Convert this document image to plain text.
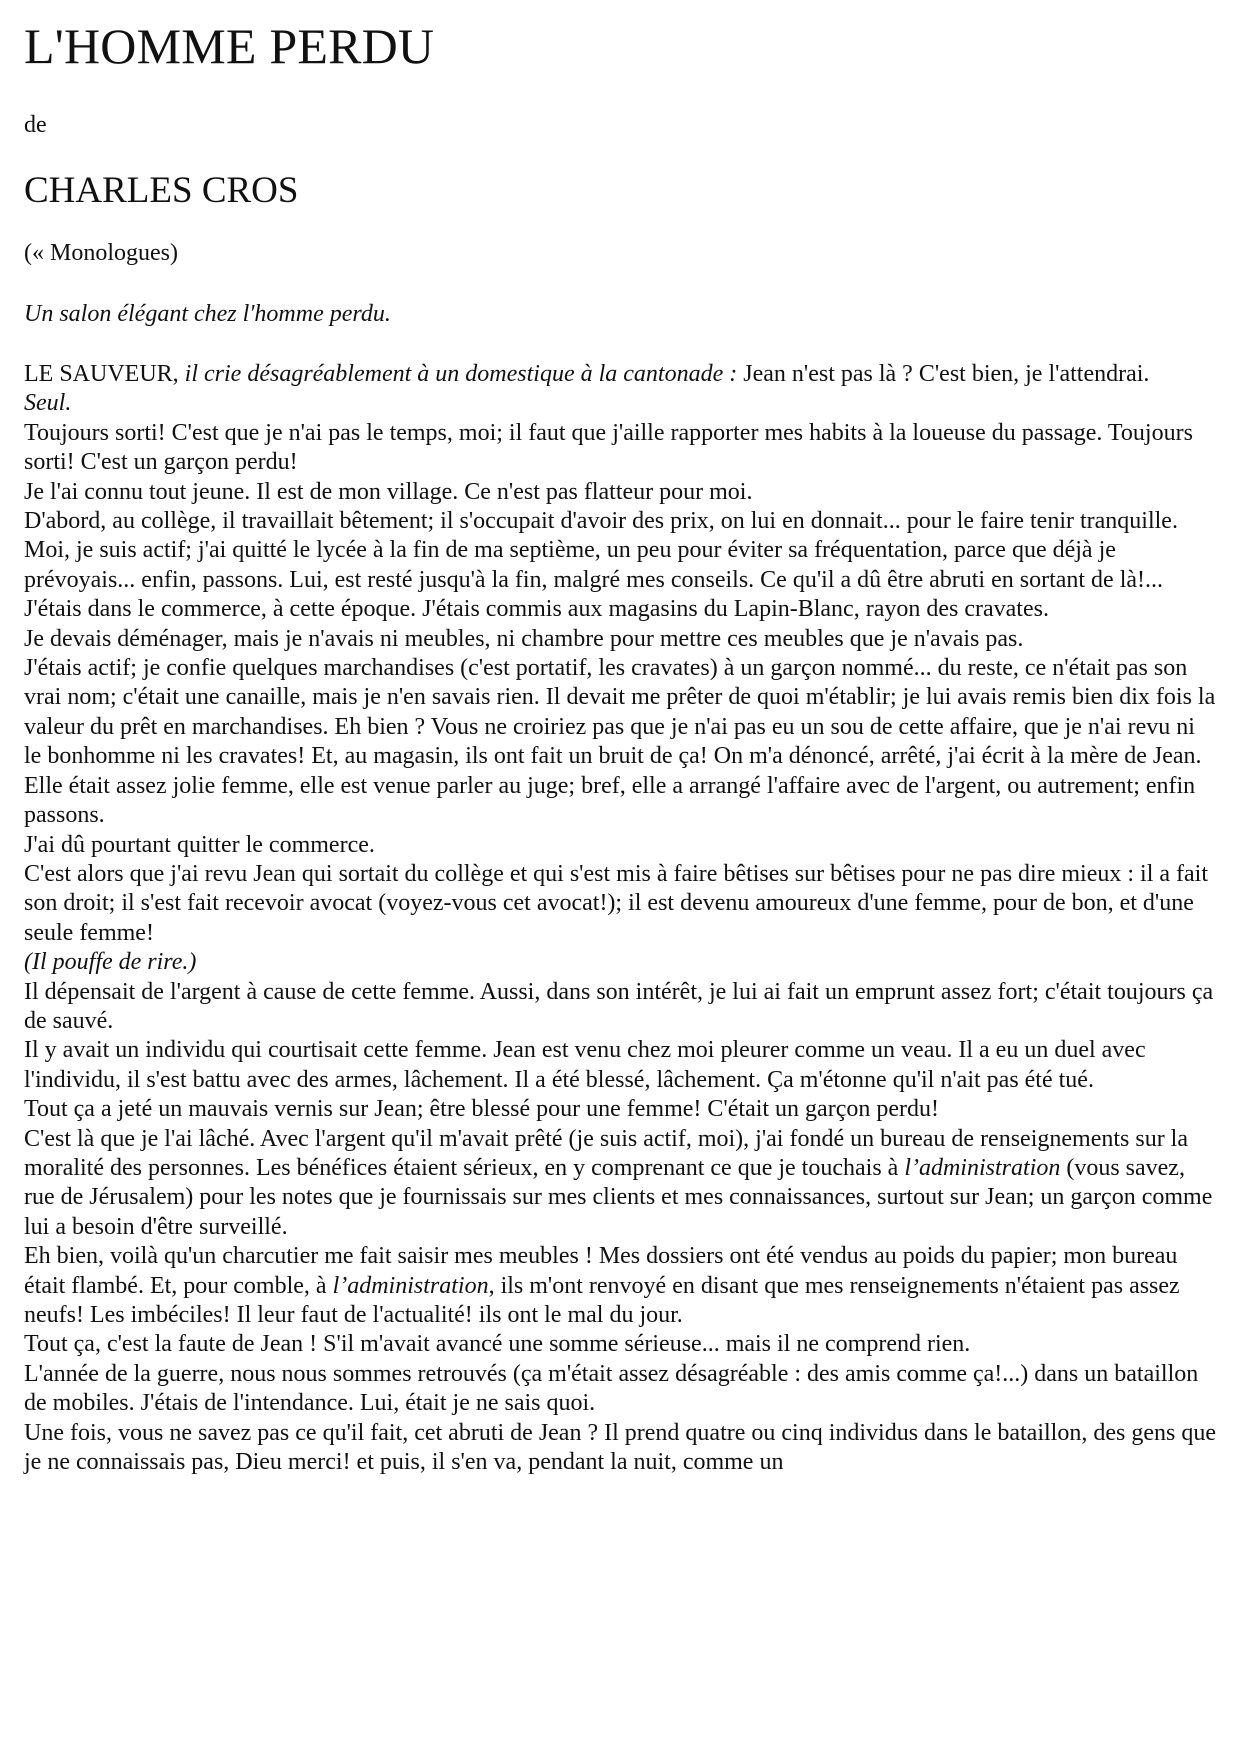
L'HOMME PERDU

de

CHARLES CROS

(« Monologues)

Un salon élégant chez l'homme perdu.

LE SAUVEUR, il crie désagréablement à un domestique à la cantonade : Jean n'est pas là ? C'est bien, je l'attendrai.
Seul.
Toujours sorti! C'est que je n'ai pas le temps, moi; il faut que j'aille rapporter mes habits à la loueuse du passage. Toujours sorti! C'est un garçon perdu!
Je l'ai connu tout jeune. Il est de mon village. Ce n'est pas flatteur pour moi.
D'abord, au collège, il travaillait bêtement; il s'occupait d'avoir des prix, on lui en donnait... pour le faire tenir tranquille. Moi, je suis actif; j'ai quitté le lycée à la fin de ma septième, un peu pour éviter sa fréquentation, parce que déjà je prévoyais... enfin, passons. Lui, est resté jusqu'à la fin, malgré mes conseils. Ce qu'il a dû être abruti en sortant de là!...
J'étais dans le commerce, à cette époque. J'étais commis aux magasins du Lapin-Blanc, rayon des cravates.
Je devais déménager, mais je n'avais ni meubles, ni chambre pour mettre ces meubles que je n'avais pas.
J'étais actif; je confie quelques marchandises (c'est portatif, les cravates) à un garçon nommé... du reste, ce n'était pas son vrai nom; c'était une canaille, mais je n'en savais rien. Il devait me prêter de quoi m'établir; je lui avais remis bien dix fois la valeur du prêt en marchandises. Eh bien ? Vous ne croiriez pas que je n'ai pas eu un sou de cette affaire, que je n'ai revu ni le bonhomme ni les cravates! Et, au magasin, ils ont fait un bruit de ça! On m'a dénoncé, arrêté, j'ai écrit à la mère de Jean. Elle était assez jolie femme, elle est venue parler au juge; bref, elle a arrangé l'affaire avec de l'argent, ou autrement; enfin passons.
J'ai dû pourtant quitter le commerce.
C'est alors que j'ai revu Jean qui sortait du collège et qui s'est mis à faire bêtises sur bêtises pour ne pas dire mieux : il a fait son droit; il s'est fait recevoir avocat (voyez-vous cet avocat!); il est devenu amoureux d'une femme, pour de bon, et d'une seule femme!
(Il pouffe de rire.)
Il dépensait de l'argent à cause de cette femme. Aussi, dans son intérêt, je lui ai fait un emprunt assez fort; c'était toujours ça de sauvé.
Il y avait un individu qui courtisait cette femme. Jean est venu chez moi pleurer comme un veau. Il a eu un duel avec l'individu, il s'est battu avec des armes, lâchement. Il a été blessé, lâchement. Ça m'étonne qu'il n'ait pas été tué.
Tout ça a jeté un mauvais vernis sur Jean; être blessé pour une femme! C'était un garçon perdu!
C'est là que je l'ai lâché. Avec l'argent qu'il m'avait prêté (je suis actif, moi), j'ai fondé un bureau de renseignements sur la moralité des personnes. Les bénéfices étaient sérieux, en y comprenant ce que je touchais à l’administration (vous savez, rue de Jérusalem) pour les notes que je fournissais sur mes clients et mes connaissances, surtout sur Jean; un garçon comme lui a besoin d'être surveillé.
Eh bien, voilà qu'un charcutier me fait saisir mes meubles ! Mes dossiers ont été vendus au poids du papier; mon bureau était flambé. Et, pour comble, à l’administration, ils m'ont renvoyé en disant que mes renseignements n'étaient pas assez neufs! Les imbéciles! Il leur faut de l'actualité! ils ont le mal du jour.
Tout ça, c'est la faute de Jean ! S'il m'avait avancé une somme sérieuse... mais il ne comprend rien.
L'année de la guerre, nous nous sommes retrouvés (ça m'était assez désagréable : des amis comme ça!...) dans un bataillon de mobiles. J'étais de l'intendance. Lui, était je ne sais quoi.
Une fois, vous ne savez pas ce qu'il fait, cet abruti de Jean ? Il prend quatre ou cinq individus dans le bataillon, des gens que je ne connaissais pas, Dieu merci! et puis, il s'en va, pendant la nuit, comme un
